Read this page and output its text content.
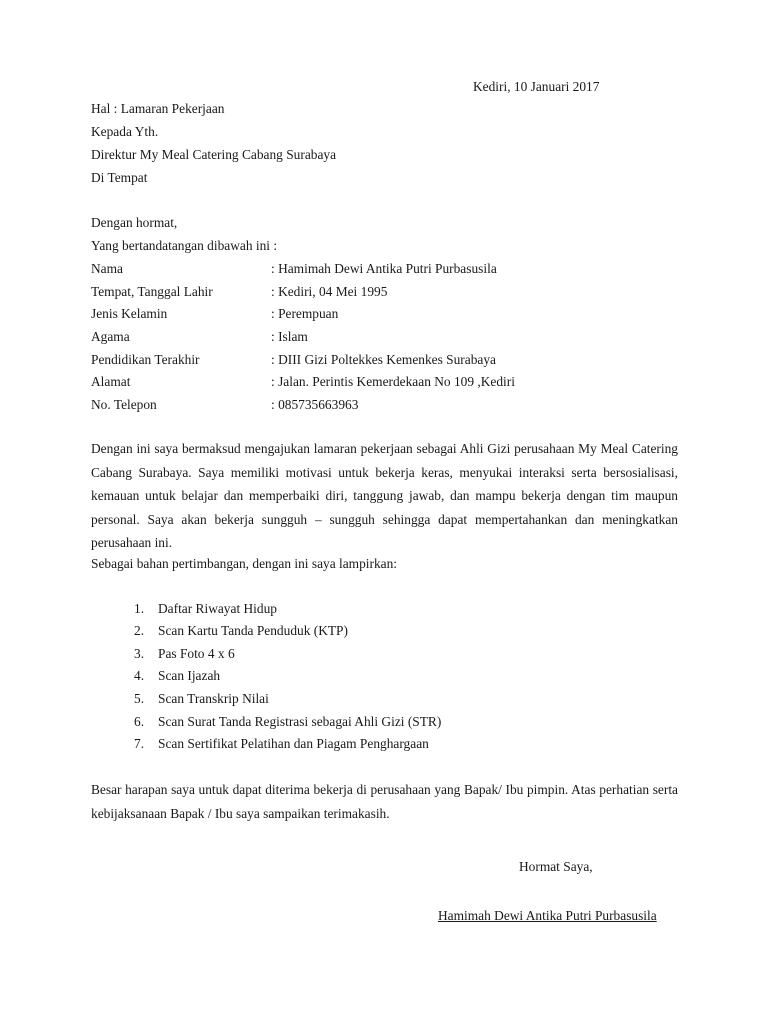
Kediri, 10 Januari 2017
Hal : Lamaran Pekerjaan
Kepada Yth.
Direktur My Meal Catering Cabang Surabaya
Di Tempat
Dengan hormat,
Yang bertandatangan dibawah ini :
Nama	: Hamimah Dewi Antika Putri Purbasusila
Tempat, Tanggal Lahir	: Kediri, 04 Mei 1995
Jenis Kelamin	: Perempuan
Agama	: Islam
Pendidikan Terakhir	: DIII Gizi Poltekkes Kemenkes Surabaya
Alamat	: Jalan. Perintis Kemerdekaan No 109 ,Kediri
No. Telepon	: 085735663963

Dengan ini saya bermaksud mengajukan lamaran pekerjaan sebagai Ahli Gizi perusahaan My Meal Catering Cabang Surabaya. Saya memiliki motivasi untuk bekerja keras, menyukai interaksi serta bersosialisasi, kemauan untuk belajar dan memperbaiki diri, tanggung jawab, dan mampu bekerja dengan tim maupun personal. Saya akan bekerja sungguh – sungguh sehingga dapat mempertahankan dan meningkatkan perusahaan ini.

Sebagai bahan pertimbangan, dengan ini saya lampirkan:
1. Daftar Riwayat Hidup
2. Scan Kartu Tanda Penduduk (KTP)
3. Pas Foto 4 x 6
4. Scan Ijazah
5. Scan Transkrip Nilai
6. Scan Surat Tanda Registrasi sebagai Ahli Gizi (STR)
7. Scan Sertifikat Pelatihan dan Piagam Penghargaan

Besar harapan saya untuk dapat diterima bekerja di perusahaan yang Bapak/ Ibu pimpin. Atas perhatian serta kebijaksanaan Bapak / Ibu saya sampaikan terimakasih.

Hormat Saya,
Hamimah Dewi Antika Putri Purbasusila
